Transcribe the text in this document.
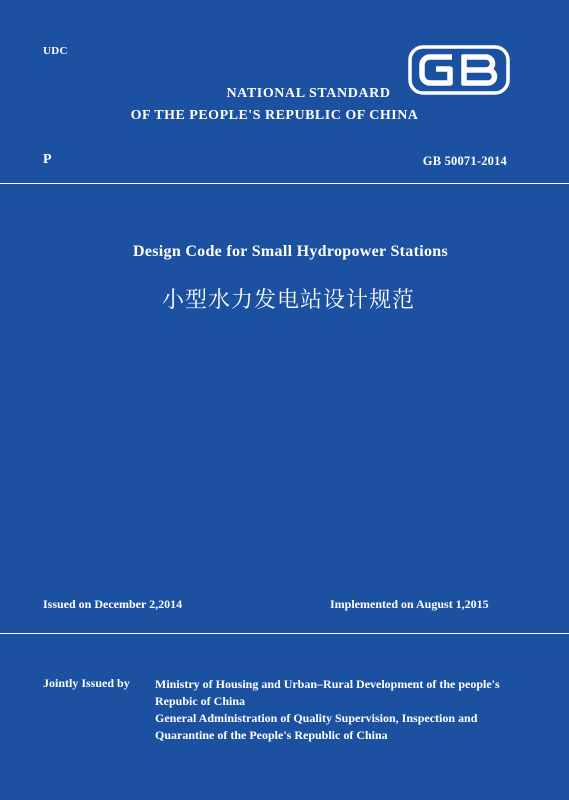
UDC
NATIONAL STANDARD
OF THE PEOPLE'S REPUBLIC OF CHINA
P	GB 50071-2014
Design Code for Small Hydropower Stations
小型水力发电站设计规范
Issued on December 2,2014	Implemented on August 1,2015
Jointly Issued by Ministry of Housing and Urban–Rural Development of the people's
Repubic of China
General Administration of Quality Supervision, Inspection and
Quarantine of the People's Republic of China
